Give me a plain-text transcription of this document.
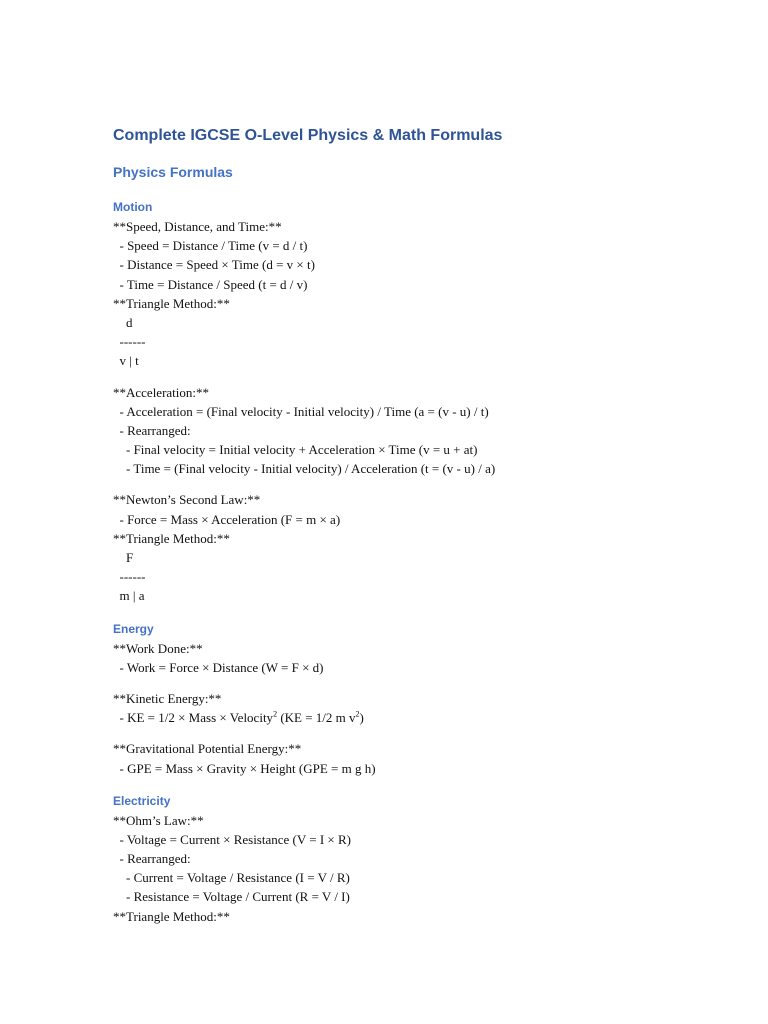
Complete IGCSE O-Level Physics & Math Formulas
Physics Formulas
Motion
**Speed, Distance, and Time:**
- Speed = Distance / Time (v = d / t)
- Distance = Speed × Time (d = v × t)
- Time = Distance / Speed (t = d / v)
**Triangle Method:**
d
------
v | t
**Acceleration:**
- Acceleration = (Final velocity - Initial velocity) / Time (a = (v - u) / t)
- Rearranged:
- Final velocity = Initial velocity + Acceleration × Time (v = u + at)
- Time = (Final velocity - Initial velocity) / Acceleration (t = (v - u) / a)
**Newton’s Second Law:**
- Force = Mass × Acceleration (F = m × a)
**Triangle Method:**
F
------
m | a
Energy
**Work Done:**
- Work = Force × Distance (W = F × d)
**Kinetic Energy:**
- KE = 1/2 × Mass × Velocity$^2$ (KE = 1/2 m $v^2$)
**Gravitational Potential Energy:**
- GPE = Mass × Gravity × Height (GPE = m g h)
Electricity
**Ohm’s Law:**
- Voltage = Current × Resistance (V = I × R)
- Rearranged:
- Current = Voltage / Resistance (I = V / R)
- Resistance = Voltage / Current (R = V / I)
**Triangle Method:**
